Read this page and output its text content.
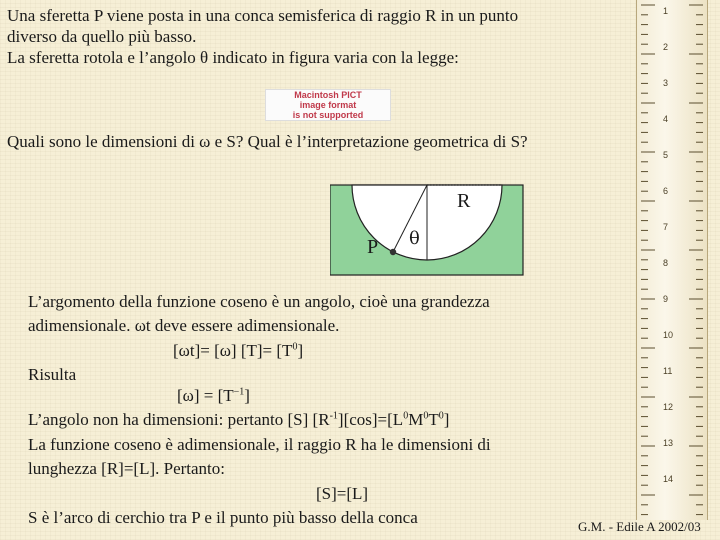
Una sferetta P viene posta in una conca semisferica di raggio R in un punto
diverso da quello più basso.
La sferetta rotola e l’angolo θ indicato in figura varia con la legge:
Macintosh PICT
image format
is not supported
Quali sono le dimensioni di ω e S? Qual è l’interpretazione geometrica di S?
1
2
3
4
5
6
7
8
9
10
11
12
13
14
R
P θ
L’argomento della funzione coseno è un angolo, cioè una grandezza
adimensionale. ωt deve essere adimensionale.
[ωt]= [ω] $[T]= [T^0]$
Risulta
$[\omega] = [T^{-1}]$
L’angolo non ha dimensioni: pertanto [S] $[R^{-1}][\cos]=[L^0M^0T^0]$
La funzione coseno è adimensionale, il raggio R ha le dimensioni di
lunghezza [R]=[L]. Pertanto:
[S]=[L]
S è l’arco di cerchio tra P e il punto più basso della conca	G.M. - Edile A 2002/03
